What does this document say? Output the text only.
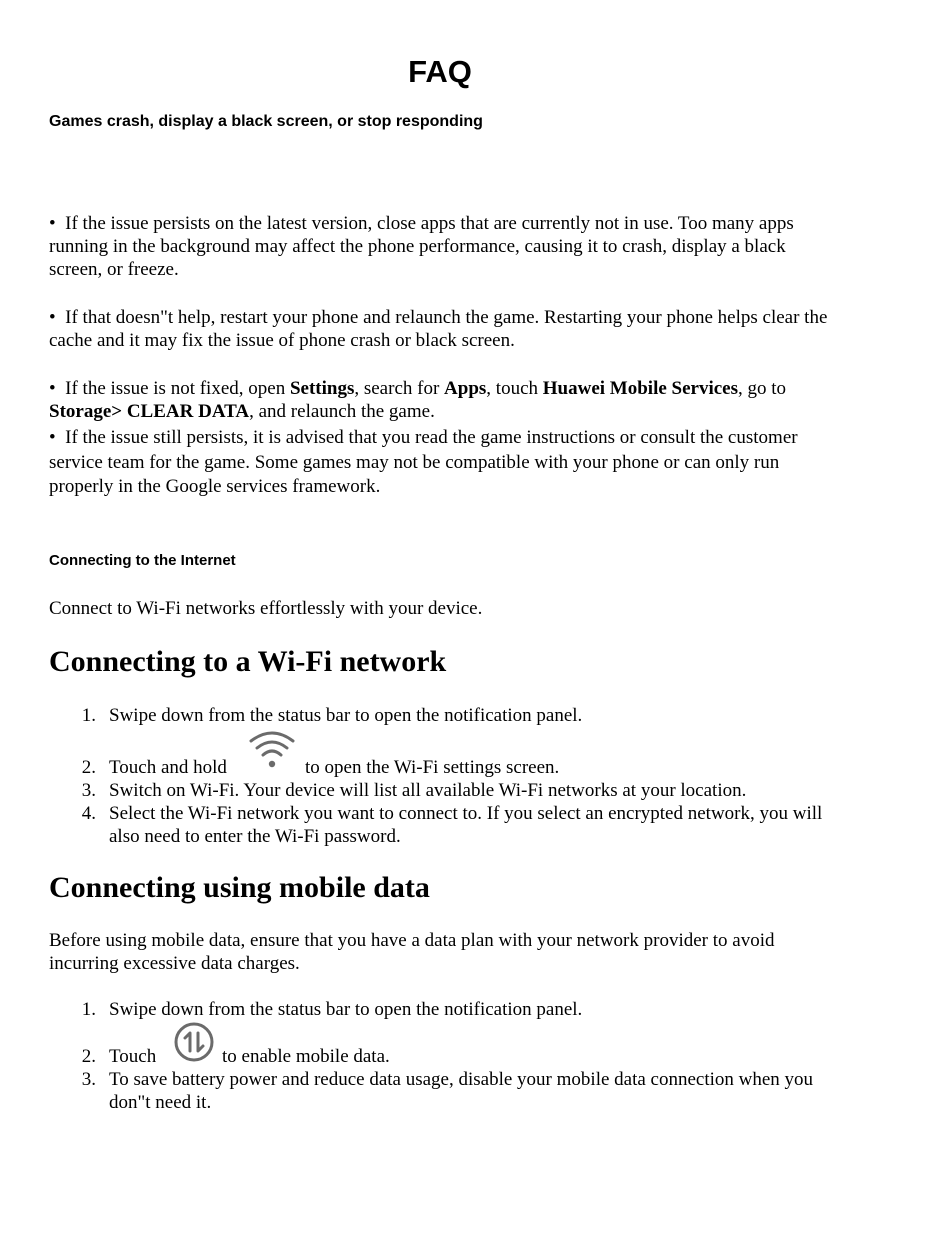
FAQ
Games crash, display a black screen, or stop responding
• If the issue persists on the latest version, close apps that are currently not in use. Too many apps running in the background may affect the phone performance, causing it to crash, display a black screen, or freeze.
• If that doesn"t help, restart your phone and relaunch the game. Restarting your phone helps clear the cache and it may fix the issue of phone crash or black screen.
• If the issue is not fixed, open Settings, search for Apps, touch Huawei Mobile Services, go to Storage> CLEAR DATA, and relaunch the game.
• If the issue still persists, it is advised that you read the game instructions or consult the customer service team for the game. Some games may not be compatible with your phone or can only run properly in the Google services framework.
Connecting to the Internet
Connect to Wi-Fi networks effortlessly with your device.
Connecting to a Wi-Fi network
1. Swipe down from the status bar to open the notification panel.
2. Touch and hold	to open the Wi-Fi settings screen.
3. Switch on Wi-Fi. Your device will list all available Wi-Fi networks at your location.
4. Select the Wi-Fi network you want to connect to. If you select an encrypted network, you will also need to enter the Wi-Fi password.
Connecting using mobile data
Before using mobile data, ensure that you have a data plan with your network provider to avoid incurring excessive data charges.
1. Swipe down from the status bar to open the notification panel.
2. Touch	to enable mobile data.
3. To save battery power and reduce data usage, disable your mobile data connection when you don"t need it.
